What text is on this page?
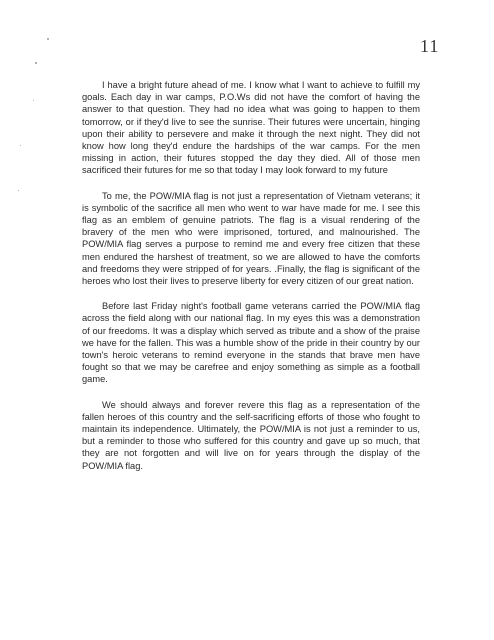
11

I have a bright future ahead of me. I know what I want to achieve to fulfill my goals. Each day in war camps, P.O.Ws did not have the comfort of having the answer to that question. They had no idea what was going to happen to them tomorrow, or if they'd live to see the sunrise. Their futures were uncertain, hinging upon their ability to persevere and make it through the next night. They did not know how long they'd endure the hardships of the war camps. For the men missing in action, their futures stopped the day they died. All of those men sacrificed their futures for me so that today I may look forward to my future

To me, the POW/MIA flag is not just a representation of Vietnam veterans; it is symbolic of the sacrifice all men who went to war have made for me. I see this flag as an emblem of genuine patriots. The flag is a visual rendering of the bravery of the men who were imprisoned, tortured, and malnourished. The POW/MIA flag serves a purpose to remind me and every free citizen that these men endured the harshest of treatment, so we are allowed to have the comforts and freedoms they were stripped of for years. .Finally, the flag is significant of the heroes who lost their lives to preserve liberty for every citizen of our great nation.

Before last Friday night's football game veterans carried the POW/MIA flag across the field along with our national flag. In my eyes this was a demonstration of our freedoms. It was a display which served as tribute and a show of the praise we have for the fallen. This was a humble show of the pride in their country by our town's heroic veterans to remind everyone in the stands that brave men have fought so that we may be carefree and enjoy something as simple as a football game.

We should always and forever revere this flag as a representation of the fallen heroes of this country and the self-sacrificing efforts of those who fought to maintain its independence. Ultimately, the POW/MIA is not just a reminder to us, but a reminder to those who suffered for this country and gave up so much, that they are not forgotten and will live on for years through the display of the POW/MIA flag.
